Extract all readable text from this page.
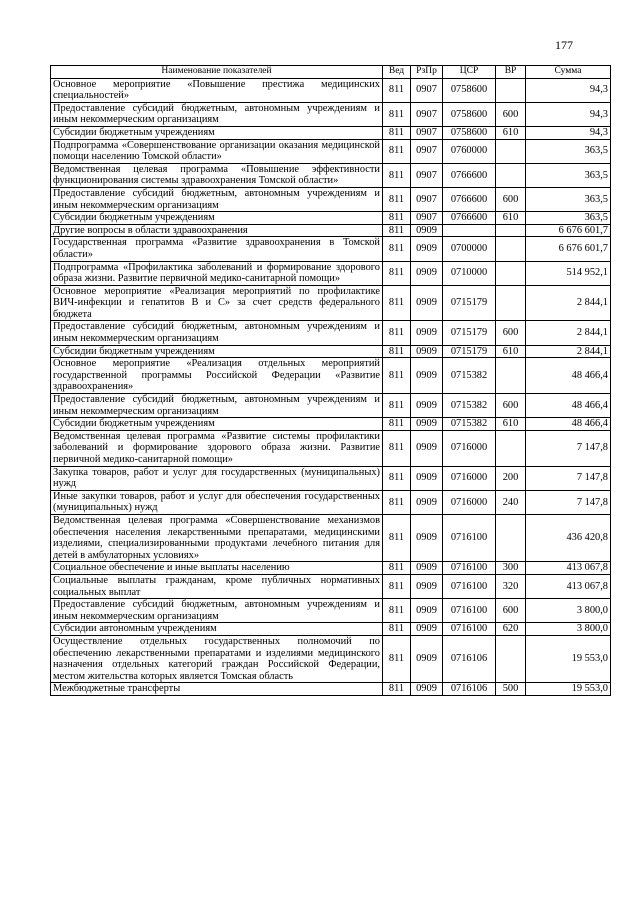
177
Наименование показателей	Вед	РзПр	ЦСР	ВР	Сумма
Основное мероприятие «Повышение престижа медицинских специальностей»	811	0907	0758600		94,3
Предоставление субсидий бюджетным, автономным учреждениям и иным некоммерческим организациям	811	0907	0758600	600	94,3
Субсидии бюджетным учреждениям	811	0907	0758600	610	94,3
Подпрограмма «Совершенствование организации оказания медицинской помощи населению Томской области»	811	0907	0760000		363,5
Ведомственная целевая программа «Повышение эффективности функционирования системы здравоохранения Томской области»	811	0907	0766600		363,5
Предоставление субсидий бюджетным, автономным учреждениям и иным некоммерческим организациям	811	0907	0766600	600	363,5
Субсидии бюджетным учреждениям	811	0907	0766600	610	363,5
Другие вопросы в области здравоохранения	811	0909			6 676 601,7
Государственная программа «Развитие здравоохранения в Томской области»	811	0909	0700000		6 676 601,7
Подпрограмма «Профилактика заболеваний и формирование здорового образа жизни. Развитие первичной медико-санитарной помощи»	811	0909	0710000		514 952,1
Основное мероприятие «Реализация мероприятий по профилактике ВИЧ-инфекции и гепатитов В и С» за счет средств федерального бюджета	811	0909	0715179		2 844,1
Предоставление субсидий бюджетным, автономным учреждениям и иным некоммерческим организациям	811	0909	0715179	600	2 844,1
Субсидии бюджетным учреждениям	811	0909	0715179	610	2 844,1
Основное мероприятие «Реализация отдельных мероприятий государственной программы Российской Федерации «Развитие здравоохранения»	811	0909	0715382		48 466,4
Предоставление субсидий бюджетным, автономным учреждениям и иным некоммерческим организациям	811	0909	0715382	600	48 466,4
Субсидии бюджетным учреждениям	811	0909	0715382	610	48 466,4
Ведомственная целевая программа «Развитие системы профилактики заболеваний и формирование здорового образа жизни. Развитие первичной медико-санитарной помощи»	811	0909	0716000		7 147,8
Закупка товаров, работ и услуг для государственных (муниципальных) нужд	811	0909	0716000	200	7 147,8
Иные закупки товаров, работ и услуг для обеспечения государственных (муниципальных) нужд	811	0909	0716000	240	7 147,8
Ведомственная целевая программа «Совершенствование механизмов обеспечения населения лекарственными препаратами, медицинскими изделиями, специализированными продуктами лечебного питания для детей в амбулаторных условиях»	811	0909	0716100		436 420,8
Социальное обеспечение и иные выплаты населению	811	0909	0716100	300	413 067,8
Социальные выплаты гражданам, кроме публичных нормативных социальных выплат	811	0909	0716100	320	413 067,8
Предоставление субсидий бюджетным, автономным учреждениям и иным некоммерческим организациям	811	0909	0716100	600	3 800,0
Субсидии автономным учреждениям	811	0909	0716100	620	3 800,0
Осуществление отдельных государственных полномочий по обеспечению лекарственными препаратами и изделиями медицинского назначения отдельных категорий граждан Российской Федерации, местом жительства которых является Томская область	811	0909	0716106		19 553,0
Межбюджетные трансферты	811	0909	0716106	500	19 553,0
